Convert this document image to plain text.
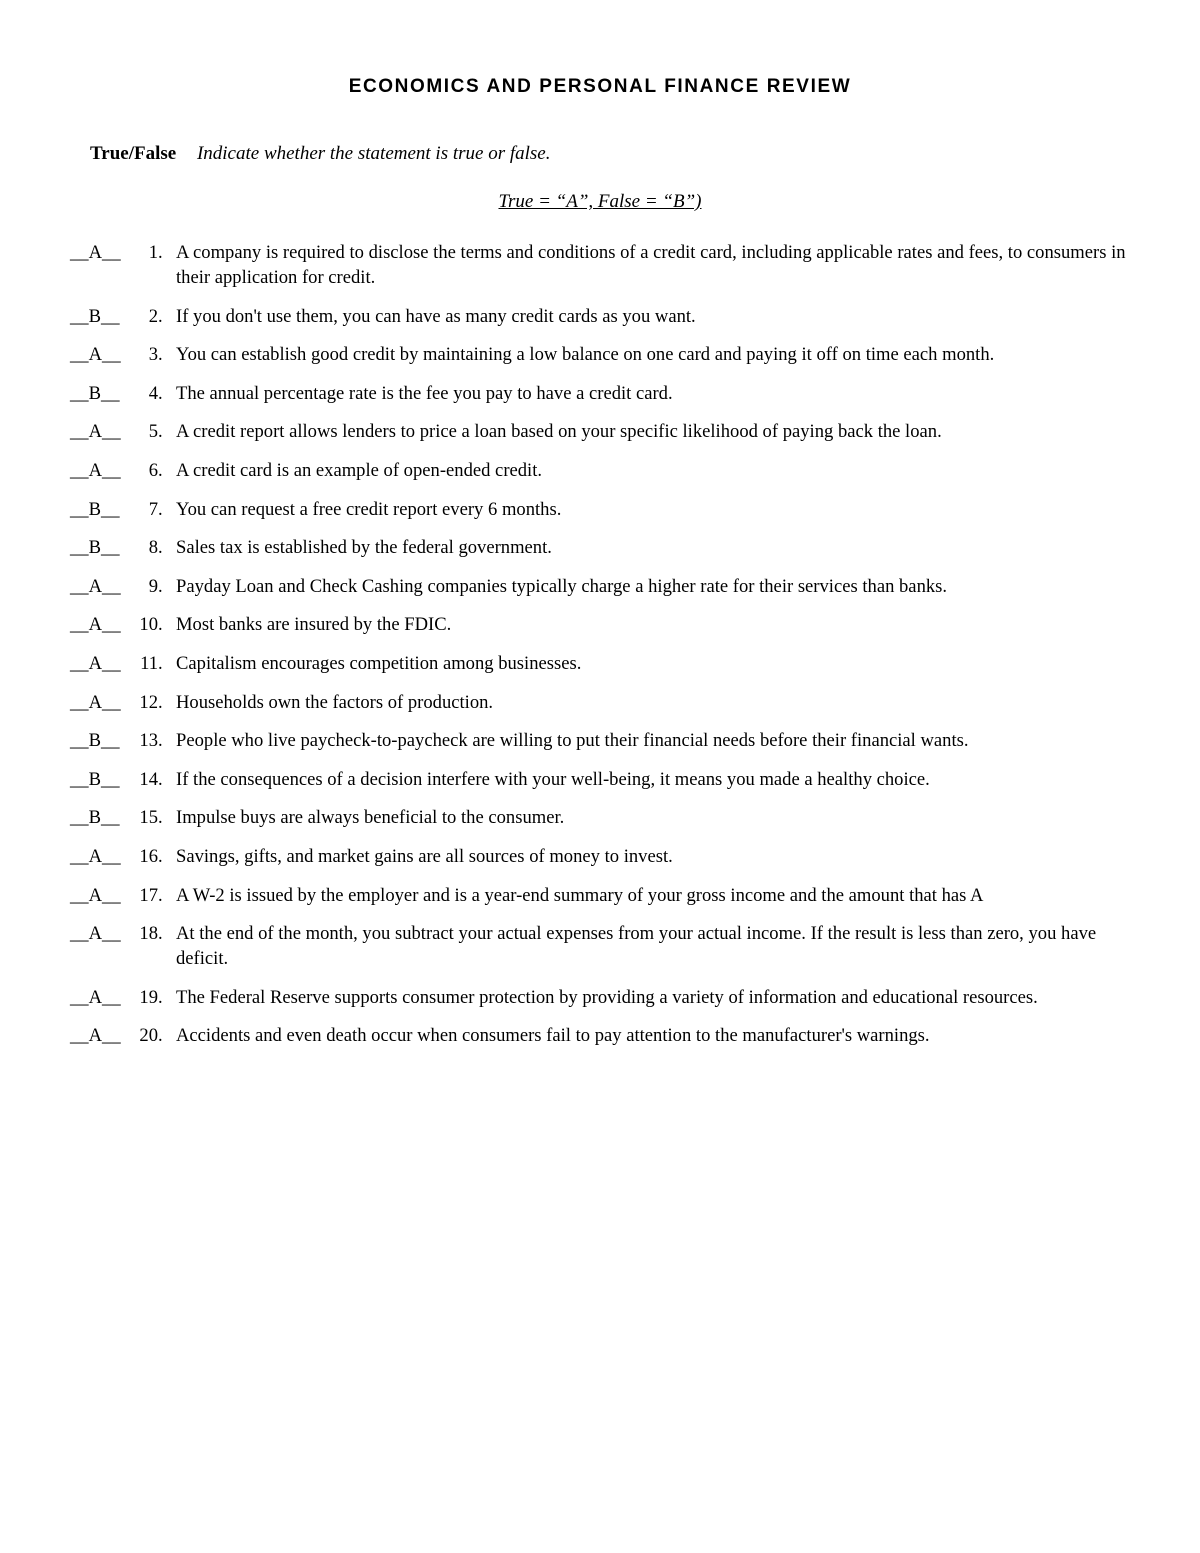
ECONOMICS AND PERSONAL FINANCE REVIEW
True/False Indicate whether the statement is true or false.
True = “A”, False = “B”)
__A__	1 . A company is required to disclose the terms and conditions of a credit card, including applicable rates and fees, to consumers in their application for credit.
__B__	2 . If you don't use them, you can have as many credit cards as you want.
__A__	3 . You can establish good credit by maintaining a low balance on one card and paying it off on time each month.
__B__	4 . The annual percentage rate is the fee you pay to have a credit card.
__A__	5 . A credit report allows lenders to price a loan based on your specific likelihood of paying back the loan.
__A__	6 . A credit card is an example of open-ended credit.
__B__	7 . You can request a free credit report every 6 months.
__B__	8 . Sales tax is established by the federal government.
__A__	9 . Payday Loan and Check Cashing companies typically charge a higher rate for their services than banks.
__A__	10 . Most banks are insured by the FDIC.
__A__	11 . Capitalism encourages competition among businesses.
__A__	12 . Households own the factors of production.
__B__	13 . People who live paycheck-to-paycheck are willing to put their financial needs before their financial wants.
__B__	14 . If the consequences of a decision interfere with your well-being, it means you made a healthy choice.
__B__	15 . Impulse buys are always beneficial to the consumer.
__A__	16 . Savings, gifts, and market gains are all sources of money to invest.
__A__	17 . A W-2 is issued by the employer and is a year-end summary of your gross income and the amount that has A
__A__	18 . At the end of the month, you subtract your actual expenses from your actual income. If the result is less than zero, you have deficit.
__A__	19 . The Federal Reserve supports consumer protection by providing a variety of information and educational resources.
__A__	20 . Accidents and even death occur when consumers fail to pay attention to the manufacturer's warnings.
